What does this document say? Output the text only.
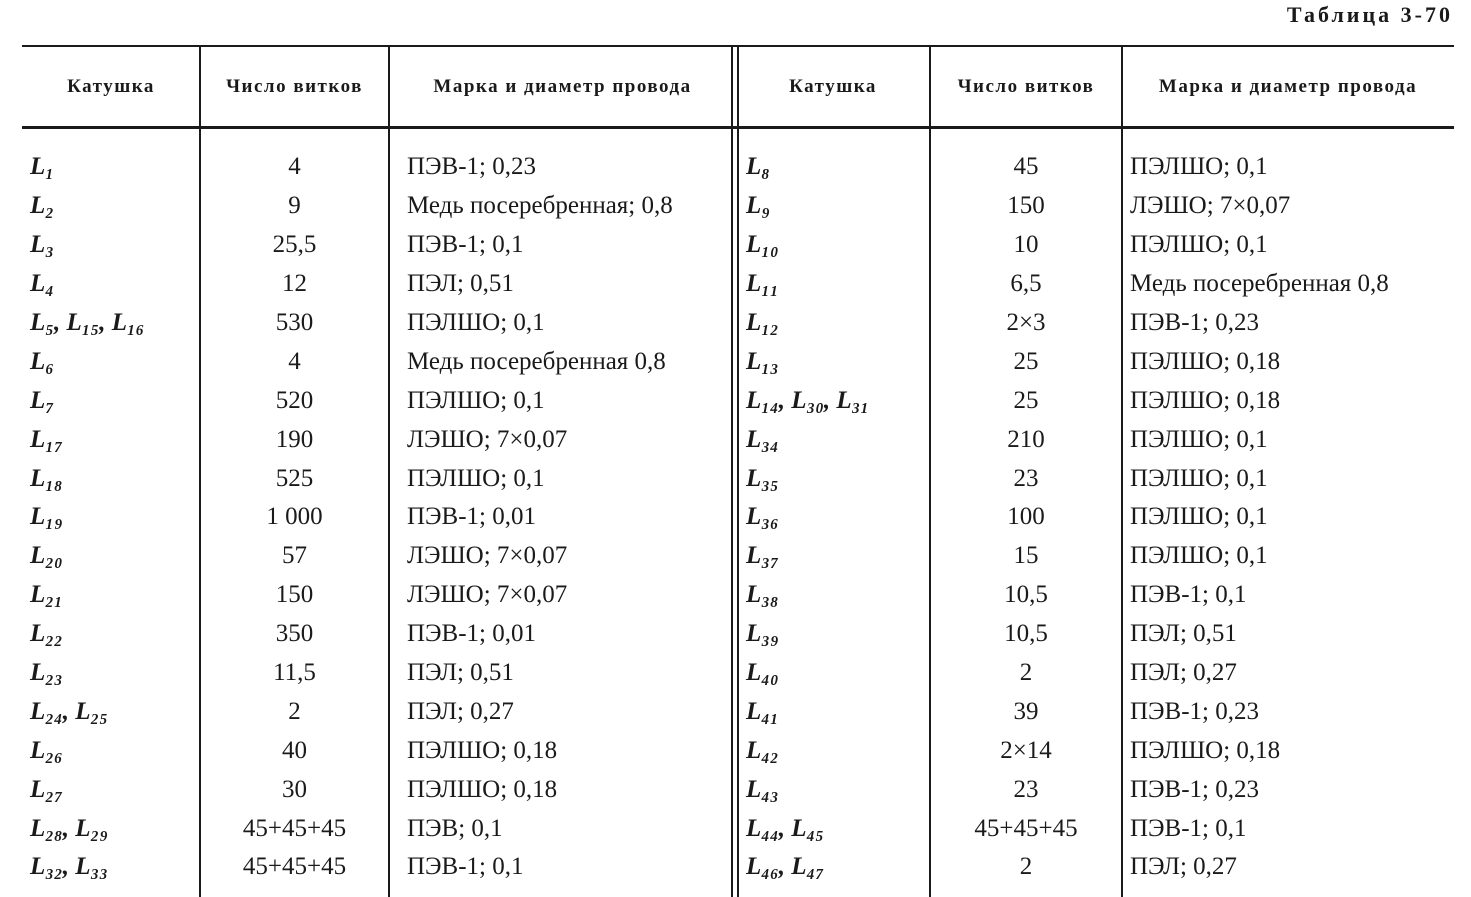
Таблица 3-70
Катушка	Число витков	Марка и диаметр провода	Катушка	Число витков	Марка и диаметр провода
L₁	4	ПЭВ-1; 0,23	L₈	45	ПЭЛШО; 0,1
L₂	9	Медь посеребренная; 0,8	L₉	150	ЛЭШО; 7×0,07
L₃	25,5	ПЭВ-1; 0,1	L₁₀	10	ПЭЛШО; 0,1
L₄	12	ПЭЛ; 0,51	L₁₁	6,5	Медь посеребренная 0,8
L₅, L₁₅, L₁₆	530	ПЭЛШО; 0,1	L₁₂	2×3	ПЭВ-1; 0,23
L₆	4	Медь посеребренная 0,8	L₁₃	25	ПЭЛШО; 0,18
L₇	520	ПЭЛШО; 0,1	L₁₄, L₃₀, L₃₁	25	ПЭЛШО; 0,18
L₁₇	190	ЛЭШО; 7×0,07	L₃₄	210	ПЭЛШО; 0,1
L₁₈	525	ПЭЛШО; 0,1	L₃₅	23	ПЭЛШО; 0,1
L₁₉	1 000	ПЭВ-1; 0,01	L₃₆	100	ПЭЛШО; 0,1
L₂₀	57	ЛЭШО; 7×0,07	L₃₇	15	ПЭЛШО; 0,1
L₂₁	150	ЛЭШО; 7×0,07	L₃₈	10,5	ПЭВ-1; 0,1
L₂₂	350	ПЭВ-1; 0,01	L₃₉	10,5	ПЭЛ; 0,51
L₂₃	11,5	ПЭЛ; 0,51	L₄₀	2	ПЭЛ; 0,27
L₂₄, L₂₅	2	ПЭЛ; 0,27	L₄₁	39	ПЭВ-1; 0,23
L₂₆	40	ПЭЛШО; 0,18	L₄₂	2×14	ПЭЛШО; 0,18
L₂₇	30	ПЭЛШО; 0,18	L₄₃	23	ПЭВ-1; 0,23
L₂₈, L₂₉	45+45+45	ПЭВ; 0,1	L₄₄, L₄₅	45+45+45	ПЭВ-1; 0,1
L₃₂, L₃₃	45+45+45	ПЭВ-1; 0,1	L₄₆, L₄₇	2	ПЭЛ; 0,27
